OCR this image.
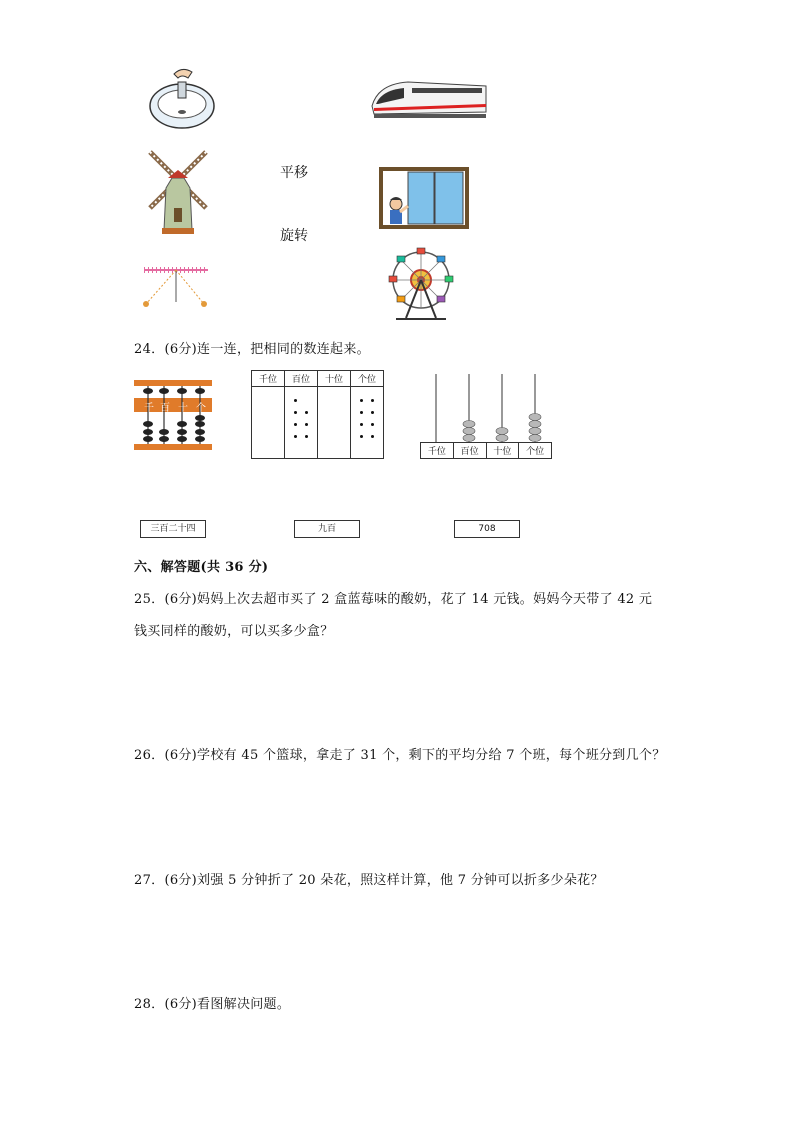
平移
旋转
24．(6分)连一连，把相同的数连起来。
千 百 十 个
千位	百位	十位	个位

千位	百位	十位	个位
三百二十四	九百	708
六、解答题(共 36 分)
25．(6分)妈妈上次去超市买了 2 盒蓝莓味的酸奶，花了 14 元钱。妈妈今天带了 42 元
钱买同样的酸奶，可以买多少盒？
26．(6分)学校有 45 个篮球，拿走了 31 个，剩下的平均分给 7 个班，每个班分到几个？
27．(6分)刘强 5 分钟折了 20 朵花，照这样计算，他 7 分钟可以折多少朵花？
28．(6分)看图解决问题。
